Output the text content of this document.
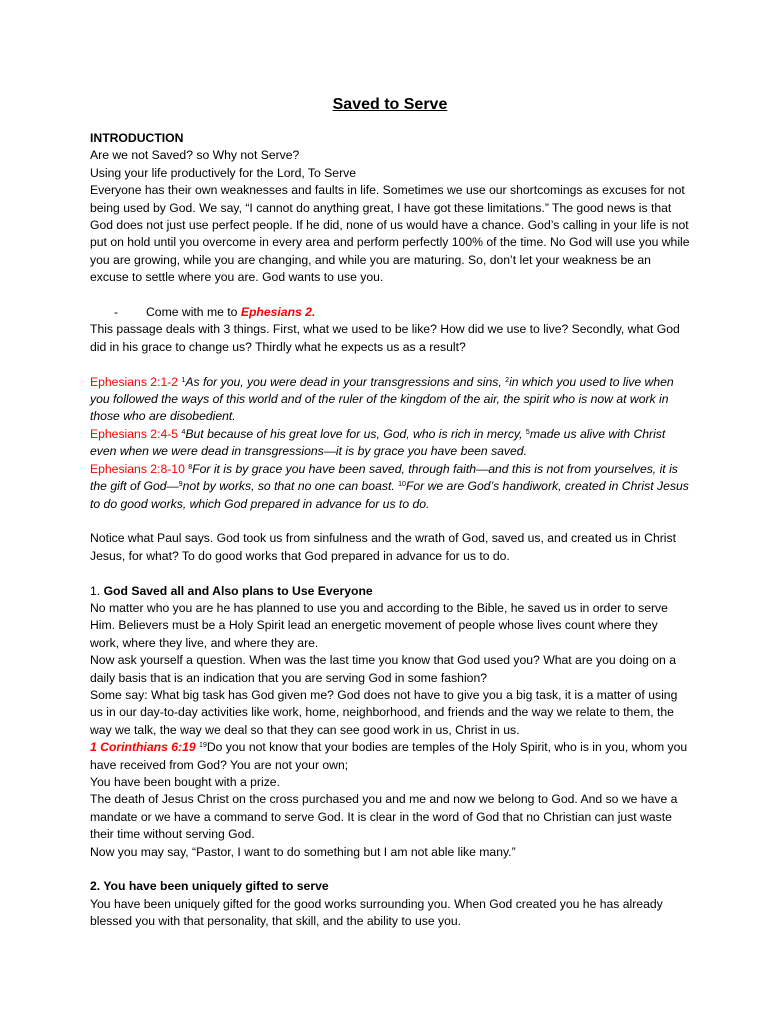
Saved to Serve

INTRODUCTION

Are we not Saved? so Why not Serve?

Using your life productively for the Lord, To Serve

Everyone has their own weaknesses and faults in life. Sometimes we use our shortcomings as excuses for not being used by God. We say, “I cannot do anything great, I have got these limitations.” The good news is that God does not just use perfect people. If he did, none of us would have a chance. God’s calling in your life is not put on hold until you overcome in every area and perform perfectly 100% of the time. No God will use you while you are growing, while you are changing, and while you are maturing. So, don’t let your weakness be an excuse to settle where you are. God wants to use you.

- Come with me to Ephesians 2.

This passage deals with 3 things. First, what we used to be like? How did we use to live? Secondly, what God did in his grace to change us? Thirdly what he expects us as a result?

Ephesians 2:1-2 $^1$As for you, you were dead in your transgressions and sins, $^2$in which you used to live when you followed the ways of this world and of the ruler of the kingdom of the air, the spirit who is now at work in those who are disobedient.

Ephesians 2:4-5 $^4$But because of his great love for us, God, who is rich in mercy, $^5$made us alive with Christ even when we were dead in transgressions—it is by grace you have been saved.

Ephesians 2:8-10 $^8$For it is by grace you have been saved, through faith—and this is not from yourselves, it is the gift of God—$^9$not by works, so that no one can boast. $^{10}$For we are God’s handiwork, created in Christ Jesus to do good works, which God prepared in advance for us to do.

Notice what Paul says. God took us from sinfulness and the wrath of God, saved us, and created us in Christ Jesus, for what? To do good works that God prepared in advance for us to do.

1. God Saved all and Also plans to Use Everyone

No matter who you are he has planned to use you and according to the Bible, he saved us in order to serve Him. Believers must be a Holy Spirit lead an energetic movement of people whose lives count where they work, where they live, and where they are.

Now ask yourself a question. When was the last time you know that God used you? What are you doing on a daily basis that is an indication that you are serving God in some fashion?

Some say: What big task has God given me? God does not have to give you a big task, it is a matter of using us in our day-to-day activities like work, home, neighborhood, and friends and the way we relate to them, the way we talk, the way we deal so that they can see good work in us, Christ in us.

1 Corinthians 6:19 $^{19}$Do you not know that your bodies are temples of the Holy Spirit, who is in you, whom you have received from God? You are not your own;

You have been bought with a prize.

The death of Jesus Christ on the cross purchased you and me and now we belong to God. And so we have a mandate or we have a command to serve God. It is clear in the word of God that no Christian can just waste their time without serving God.

Now you may say, “Pastor, I want to do something but I am not able like many.”

2. You have been uniquely gifted to serve

You have been uniquely gifted for the good works surrounding you. When God created you he has already blessed you with that personality, that skill, and the ability to use you.
